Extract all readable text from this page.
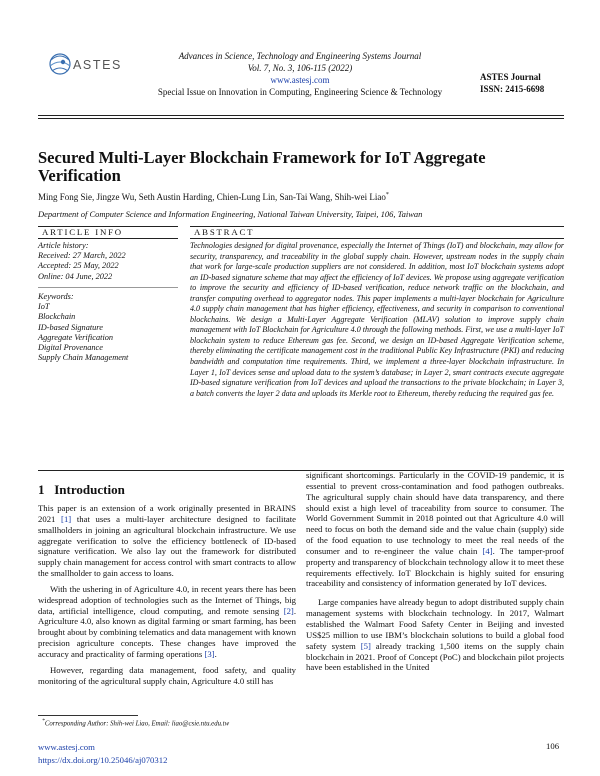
ASTES
Advances in Science, Technology and Engineering Systems Journal
Vol. 7, No. 3, 106-115 (2022)
www.astesj.com
Special Issue on Innovation in Computing, Engineering Science & Technology
ASTES Journal
ISSN: 2415-6698
Secured Multi-Layer Blockchain Framework for IoT Aggregate Verification
Ming Fong Sie, Jingze Wu, Seth Austin Harding, Chien-Lung Lin, San-Tai Wang, Shih-wei Liao*
Department of Computer Science and Information Engineering, National Taiwan University, Taipei, 106, Taiwan
ARTICLE INFO	ABSTRACT
Article history:
Received: 27 March, 2022
Accepted: 25 May, 2022
Online: 04 June, 2022
Keywords:
IoT
Blockchain
ID-based Signature
Aggregate Verification
Digital Provenance
Supply Chain Management
Technologies designed for digital provenance, especially the Internet of Things (IoT) and blockchain, may allow for security, transparency, and traceability in the global supply chain. However, upstream nodes in the supply chain that work for large-scale production suppliers are not considered. In addition, most IoT blockchain systems adopt an ID-based signature scheme that may affect the efficiency of IoT devices. We propose using aggregate verification to improve the security and efficiency of ID-based verification, reduce network traffic on the blockchain, and transfer computing overhead to aggregator nodes. This paper implements a multi-layer blockchain for Agriculture 4.0 supply chain management that has higher efficiency, effectiveness, and security in comparison to conventional blockchains. We design a Multi-Layer Aggregate Verification (MLAV) solution to improve supply chain management with IoT Blockchain for Agriculture 4.0 through the following methods. First, we use a multi-layer IoT blockchain system to reduce Ethereum gas fee. Second, we design an ID-based Aggregate Verification scheme, thereby eliminating the certificate management cost in the traditional Public Key Infrastructure (PKI) and reducing bandwidth and computation time requirements. Third, we implement a three-layer blockchain infrastructure. In Layer 1, IoT devices sense and upload data to the system’s database; in Layer 2, smart contracts execute aggregate ID-based signature verification from IoT devices and upload the transactions to the private blockchain; in Layer 3, a batch converts the layer 2 data and uploads its Merkle root to Ethereum, thereby reducing the required gas fee.
1 Introduction

This paper is an extension of a work originally presented in BRAINS 2021 [1] that uses a multi-layer architecture designed to facilitate smallholders in joining an agricultural blockchain infrastructure. We use aggregate verification to solve the efficiency bottleneck of ID-based signature verification. We also lay out the framework for distributed supply chain management for access control with smart contracts to allow the smallholder to gain access to loans.

With the ushering in of Agriculture 4.0, in recent years there has been widespread adoption of technologies such as the Internet of Things, big data, artificial intelligence, cloud computing, and remote sensing [2]. Agriculture 4.0, also known as digital farming or smart farming, has been brought about by combining telematics and data management with known precision agriculture concepts. These changes have improved the accuracy and practicality of farming operations [3].

However, regarding data management, food safety, and quality monitoring of the agricultural supply chain, Agriculture 4.0 still has

significant shortcomings. Particularly in the COVID-19 pandemic, it is essential to prevent cross-contamination and food pathogen outbreaks. The agricultural supply chain should have data transparency, and there should exist a high level of traceability from source to consumer. The World Government Summit in 2018 pointed out that Agriculture 4.0 will need to focus on both the demand side and the value chain (supply) side of the food equation to use technology to meet the real needs of the consumer and to re-engineer the value chain [4]. The tamper-proof property and transparency of blockchain technology allow it to meet these requirements effectively. IoT Blockchain is highly suited for ensuring traceability and consistency of information generated by IoT devices.

Large companies have already begun to adopt distributed supply chain management systems with blockchain technology. In 2017, Walmart established the Walmart Food Safety Center in Beijing and invested US$25 million to use IBM’s blockchain solutions to build a global food safety system [5] already tracking 1,500 items on the supply chain blockchain in 2021. Proof of Concept (PoC) and blockchain pilot projects have been established in the United

*Corresponding Author: Shih-wei Liao, Email: liao@csie.ntu.edu.tw
www.astesj.com
https://dx.doi.org/10.25046/aj070312
106
